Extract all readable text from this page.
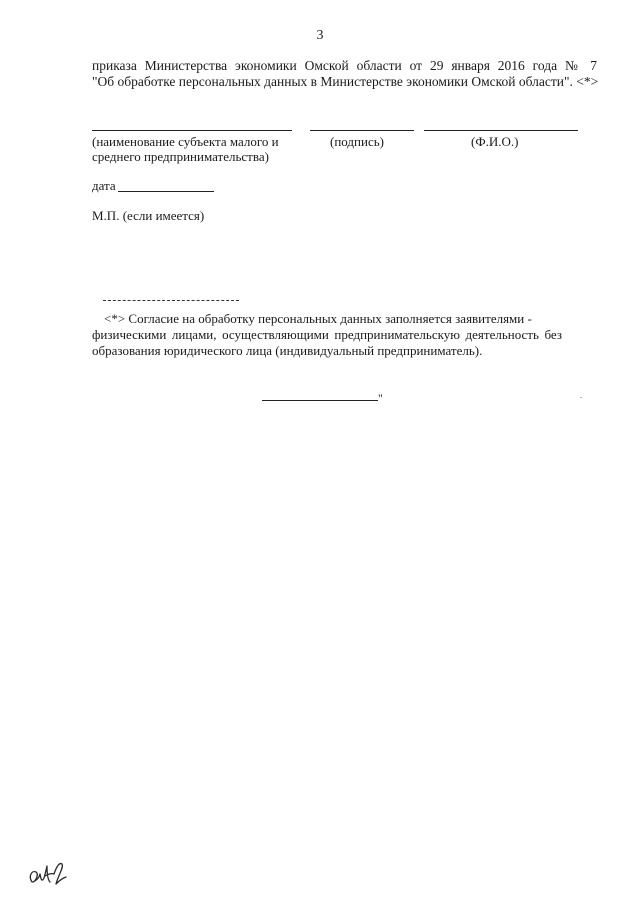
3
приказа Министерства экономики Омской области от 29 января 2016 года № 7
"Об обработке персональных данных в Министерстве экономики Омской области". <*>
(наименование субъекта малого и
среднего предпринимательства)
(подпись)	(Ф.И.О.)
дата
М.П. (если имеется)
<*> Согласие на обработку персональных данных заполняется заявителями -
физическими лицами, осуществляющими предпринимательскую деятельность без
образования юридического лица (индивидуальный предприниматель).
"
